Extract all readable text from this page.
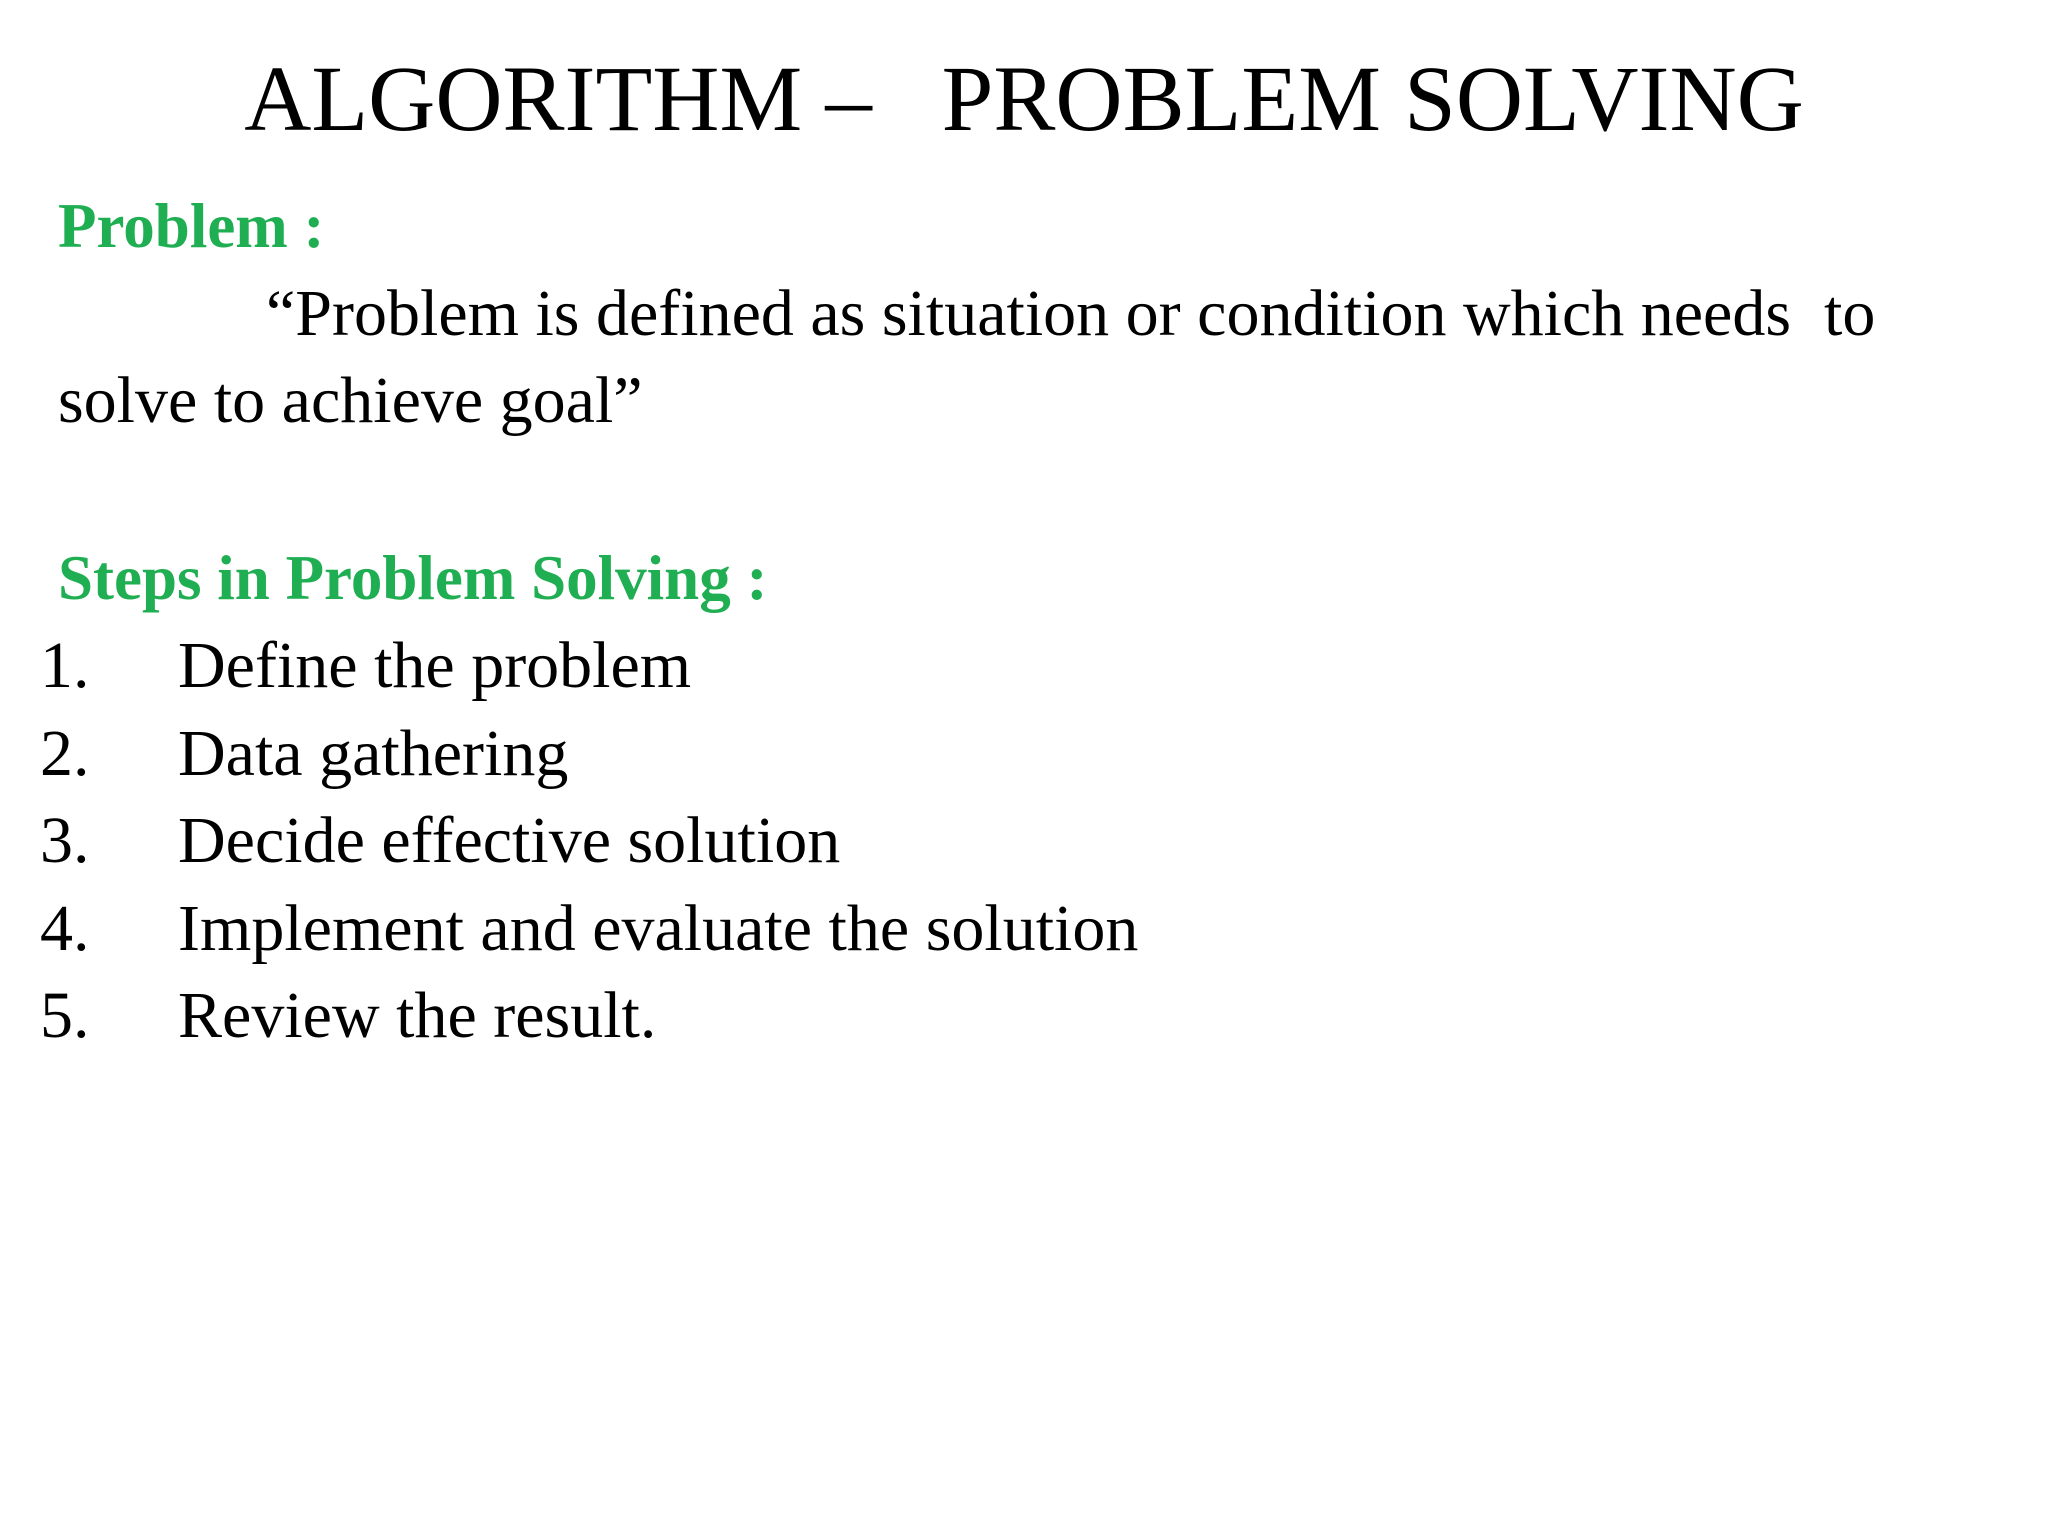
ALGORITHM –   PROBLEM SOLVING
Problem :

“Problem is defined as situation or condition which needs  to
solve to achieve goal”

Steps in Problem Solving :

1.

Define the problem

2.

Data gathering

3.

Decide effective solution

4.

Implement and evaluate the solution

5.

Review the result.
